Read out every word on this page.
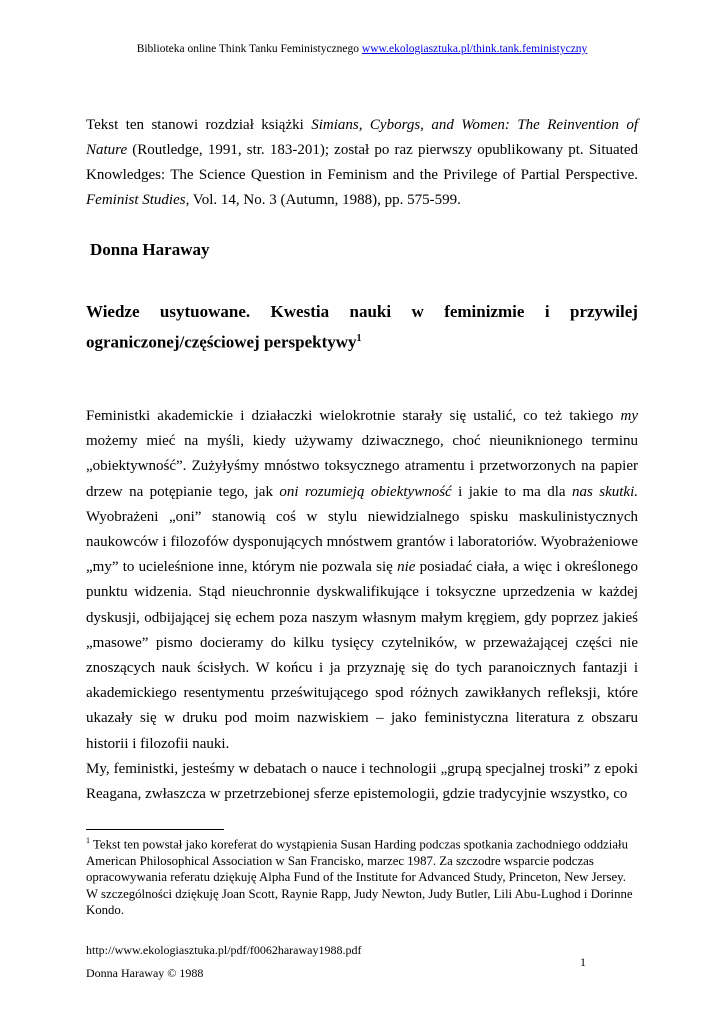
Biblioteka online Think Tanku Feministycznego www.ekologiasztuka.pl/think.tank.feministyczny
Tekst ten stanowi rozdział książki Simians, Cyborgs, and Women: The Reinvention of Nature (Routledge, 1991, str. 183-201); został po raz pierwszy opublikowany pt. Situated Knowledges: The Science Question in Feminism and the Privilege of Partial Perspective. Feminist Studies, Vol. 14, No. 3 (Autumn, 1988), pp. 575-599.
Donna Haraway
Wiedze usytuowane. Kwestia nauki w feminizmie i przywilej
ograniczonej/częściowej perspektywy$^1$

Feministki akademickie i działaczki wielokrotnie starały się ustalić, co też takiego my możemy mieć na myśli, kiedy używamy dziwacznego, choć nieuniknionego terminu „obiektywność”. Zużyłyśmy mnóstwo toksycznego atramentu i przetworzonych na papier drzew na potępianie tego, jak oni rozumieją obiektywność i jakie to ma dla nas skutki. Wyobrażeni „oni” stanowią coś w stylu niewidzialnego spisku maskulinistycznych naukowców i filozofów dysponujących mnóstwem grantów i laboratoriów. Wyobrażeniowe „my” to ucieleśnione inne, którym nie pozwala się nie posiadać ciała, a więc i określonego punktu widzenia. Stąd nieuchronnie dyskwalifikujące i toksyczne uprzedzenia w każdej dyskusji, odbijającej się echem poza naszym własnym małym kręgiem, gdy poprzez jakieś „masowe” pismo docieramy do kilku tysięcy czytelników, w przeważającej części nie znoszących nauk ścisłych. W końcu i ja przyznaję się do tych paranoicznych fantazji i akademickiego resentymentu prześwitującego spod różnych zawikłanych refleksji, które ukazały się w druku pod moim nazwiskiem – jako feministyczna literatura z obszaru historii i filozofii nauki.

My, feministki, jesteśmy w debatach o nauce i technologii „grupą specjalnej troski” z epoki Reagana, zwłaszcza w przetrzebionej sferze epistemologii, gdzie tradycyjnie wszystko, co

$^1$ Tekst ten powstał jako koreferat do wystąpienia Susan Harding podczas spotkania zachodniego oddziału American Philosophical Association w San Francisko, marzec 1987. Za szczodre wsparcie podczas opracowywania referatu dziękuję Alpha Fund of the Institute for Advanced Study, Princeton, New Jersey. W szczególności dziękuję Joan Scott, Raynie Rapp, Judy Newton, Judy Butler, Lili Abu-Lughod i Dorinne Kondo.
http://www.ekologiasztuka.pl/pdf/f0062haraway1988.pdf
Donna Haraway © 1988
1
